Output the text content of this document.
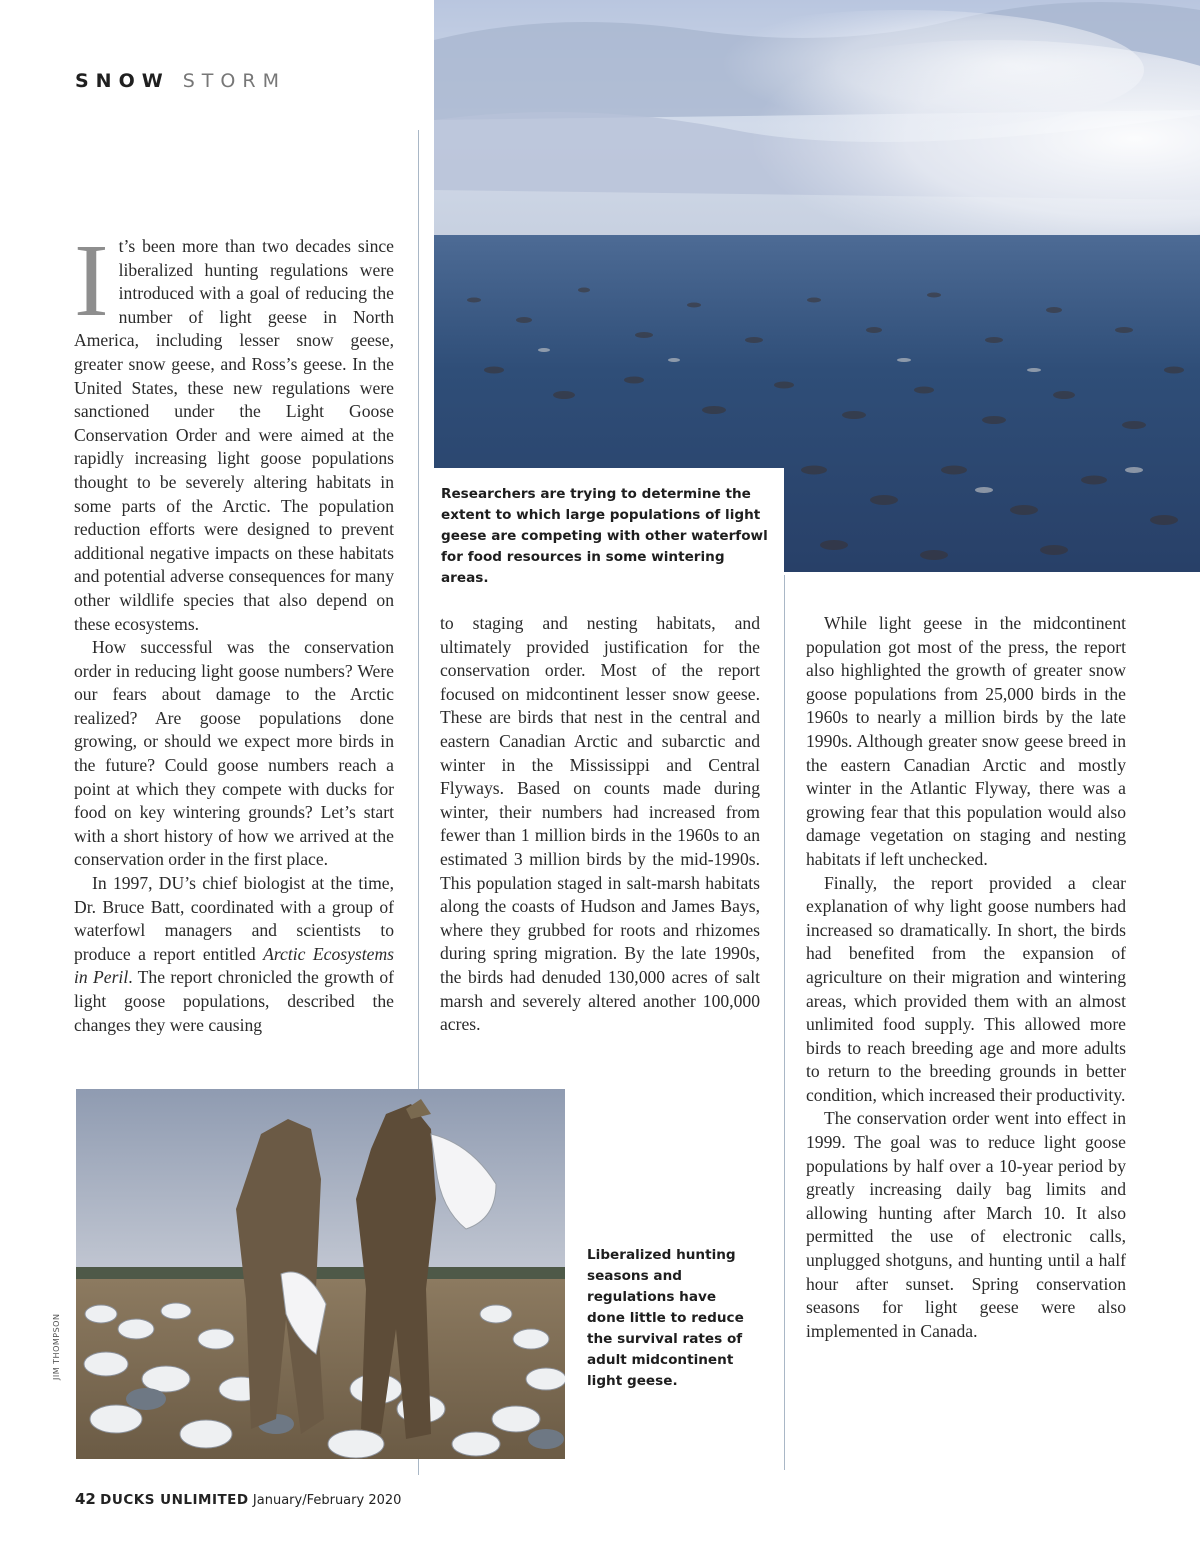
SNOW STORM
Researchers are trying to determine the extent to which large populations of light geese are competing with other waterfowl for food resources in some wintering areas.

It’s been more than two decades since liberalized hunting regulations were introduced with a goal of reducing the number of light geese in North America, including lesser snow geese, greater snow geese, and Ross’s geese. In the United States, these new regulations were sanctioned under the Light Goose Conservation Order and were aimed at the rapidly increasing light goose populations thought to be severely altering habitats in some parts of the Arctic. The population reduction efforts were designed to prevent additional negative impacts on these habitats and potential adverse consequences for many other wildlife species that also depend on these ecosystems.

How successful was the conservation order in reducing light goose numbers? Were our fears about damage to the Arctic realized? Are goose populations done growing, or should we expect more birds in the future? Could goose numbers reach a point at which they compete with ducks for food on key wintering grounds? Let’s start with a short history of how we arrived at the conservation order in the first place.

In 1997, DU’s chief biologist at the time, Dr. Bruce Batt, coordinated with a group of waterfowl managers and scientists to produce a report entitled Arctic Ecosystems in Peril. The report chronicled the growth of light goose populations, described the changes they were causing

to staging and nesting habitats, and ultimately provided justification for the conservation order. Most of the report focused on midcontinent lesser snow geese. These are birds that nest in the central and eastern Canadian Arctic and subarctic and winter in the Mississippi and Central Flyways. Based on counts made during winter, their numbers had increased from fewer than 1 million birds in the 1960s to an estimated 3 million birds by the mid-1990s. This population staged in salt-marsh habitats along the coasts of Hudson and James Bays, where they grubbed for roots and rhizomes during spring migration. By the late 1990s, the birds had denuded 130,000 acres of salt marsh and severely altered another 100,000 acres.

While light geese in the midcontinent population got most of the press, the report also highlighted the growth of greater snow goose populations from 25,000 birds in the 1960s to nearly a million birds by the late 1990s. Although greater snow geese breed in the eastern Canadian Arctic and mostly winter in the Atlantic Flyway, there was a growing fear that this population would also damage vegetation on staging and nesting habitats if left unchecked.

Finally, the report provided a clear explanation of why light goose numbers had increased so dramatically. In short, the birds had benefited from the expansion of agriculture on their migration and wintering areas, which provided them with an almost unlimited food supply. This allowed more birds to reach breeding age and more adults to return to the breeding grounds in better condition, which increased their productivity.

The conservation order went into effect in 1999. The goal was to reduce light goose populations by half over a 10-year period by greatly increasing daily bag limits and allowing hunting after March 10. It also permitted the use of electronic calls, unplugged shotguns, and hunting until a half hour after sunset. Spring conservation seasons for light geese were also implemented in Canada.

Liberalized hunting seasons and regulations have done little to reduce the survival rates of adult midcontinent light geese.
JIM THOMPSON
42 DUCKS UNLIMITED January/February 2020
